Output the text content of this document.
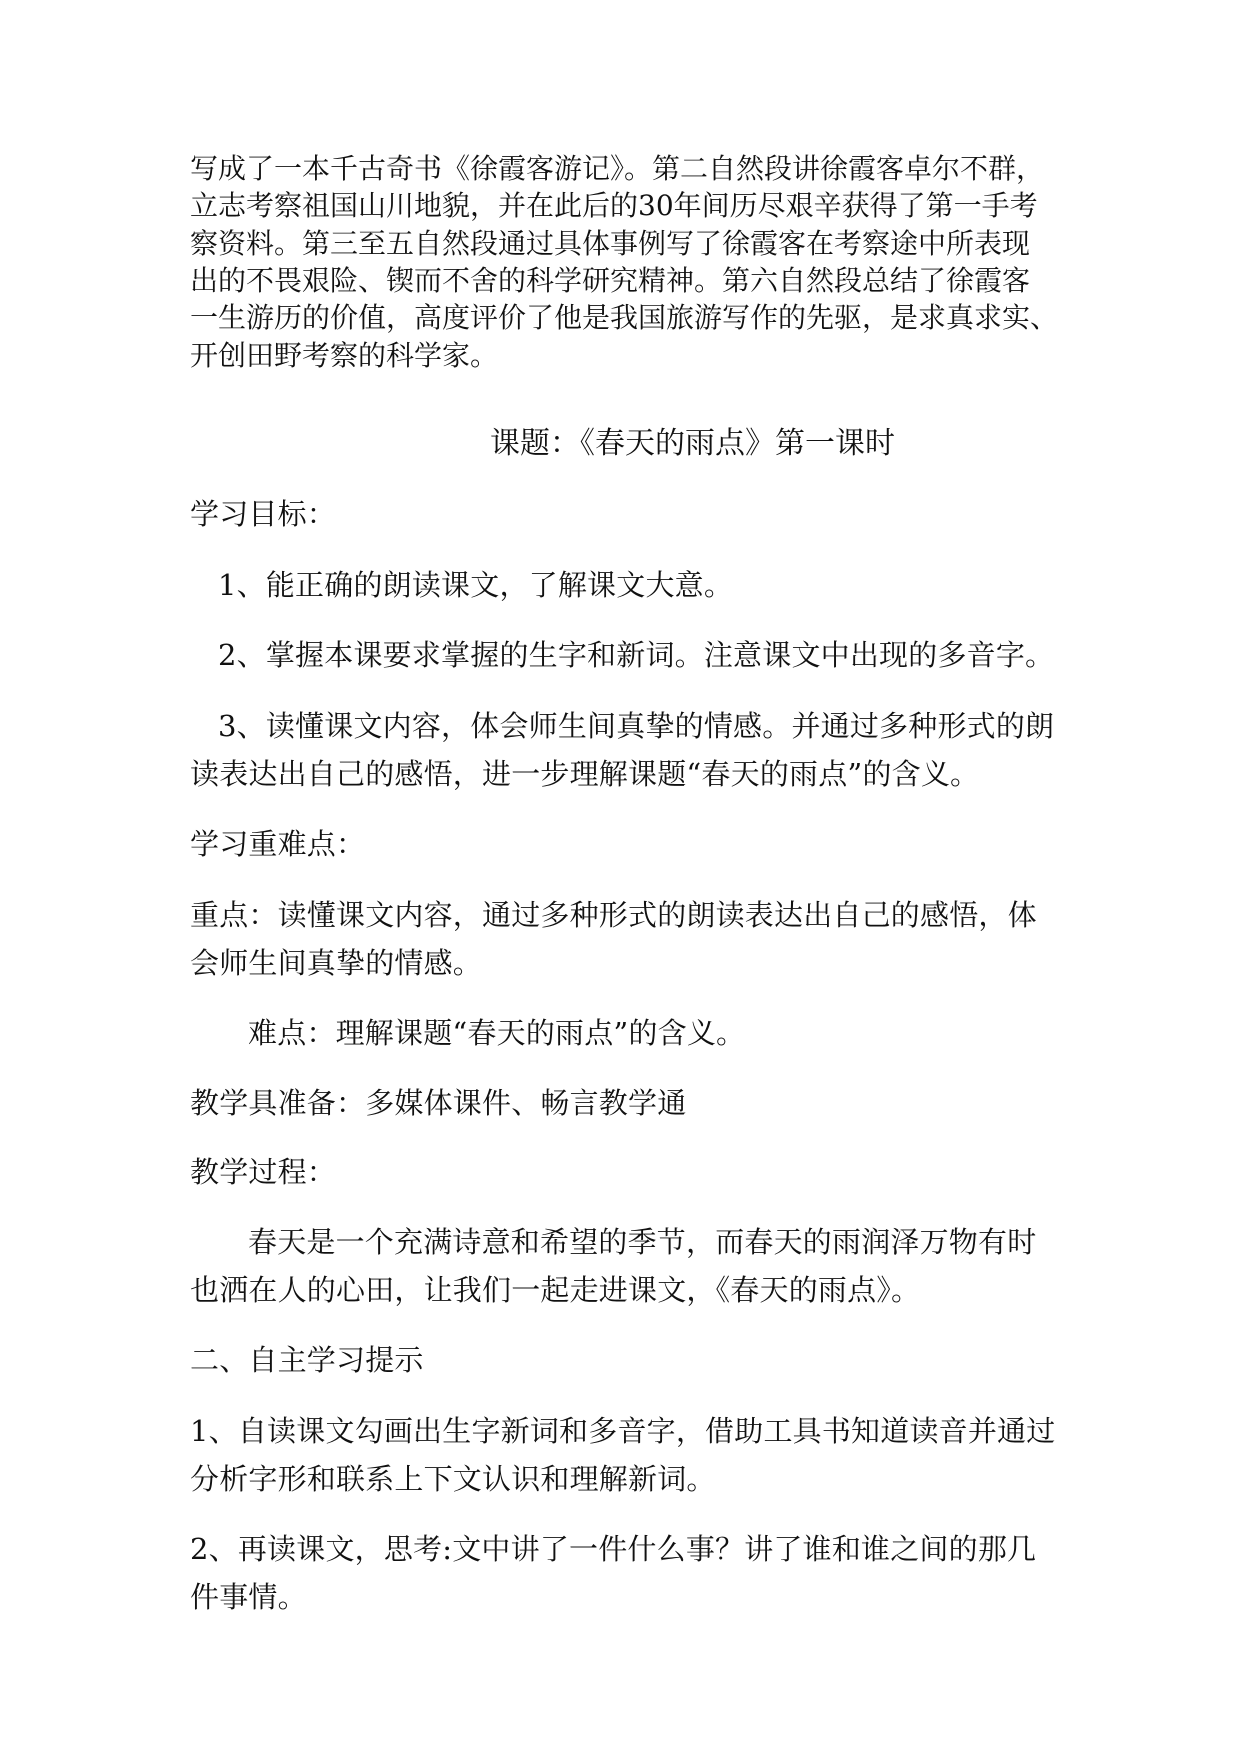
写成了一本千古奇书《徐霞客游记》。第二自然段讲徐霞客卓尔不群，
立志考察祖国山川地貌，并在此后的30年间历尽艰辛获得了第一手考
察资料。第三至五自然段通过具体事例写了徐霞客在考察途中所表现
出的不畏艰险、锲而不舍的科学研究精神。第六自然段总结了徐霞客
一生游历的价值，高度评价了他是我国旅游写作的先驱，是求真求实、
开创田野考察的科学家。
课题：《春天的雨点》第一课时
学习目标：
1、能正确的朗读课文，了解课文大意。
2、掌握本课要求掌握的生字和新词。注意课文中出现的多音字。
3、读懂课文内容，体会师生间真挚的情感。并通过多种形式的朗
读表达出自己的感悟，进一步理解课题“春天的雨点”的含义。
学习重难点：
重点：读懂课文内容，通过多种形式的朗读表达出自己的感悟，体
会师生间真挚的情感。
难点：理解课题“春天的雨点”的含义。
教学具准备：多媒体课件、畅言教学通
教学过程：
春天是一个充满诗意和希望的季节，而春天的雨润泽万物有时
也洒在人的心田，让我们一起走进课文，《春天的雨点》。
二、自主学习提示
1、自读课文勾画出生字新词和多音字，借助工具书知道读音并通过
分析字形和联系上下文认识和理解新词。
2、再读课文，思考:文中讲了一件什么事？讲了谁和谁之间的那几
件事情。
